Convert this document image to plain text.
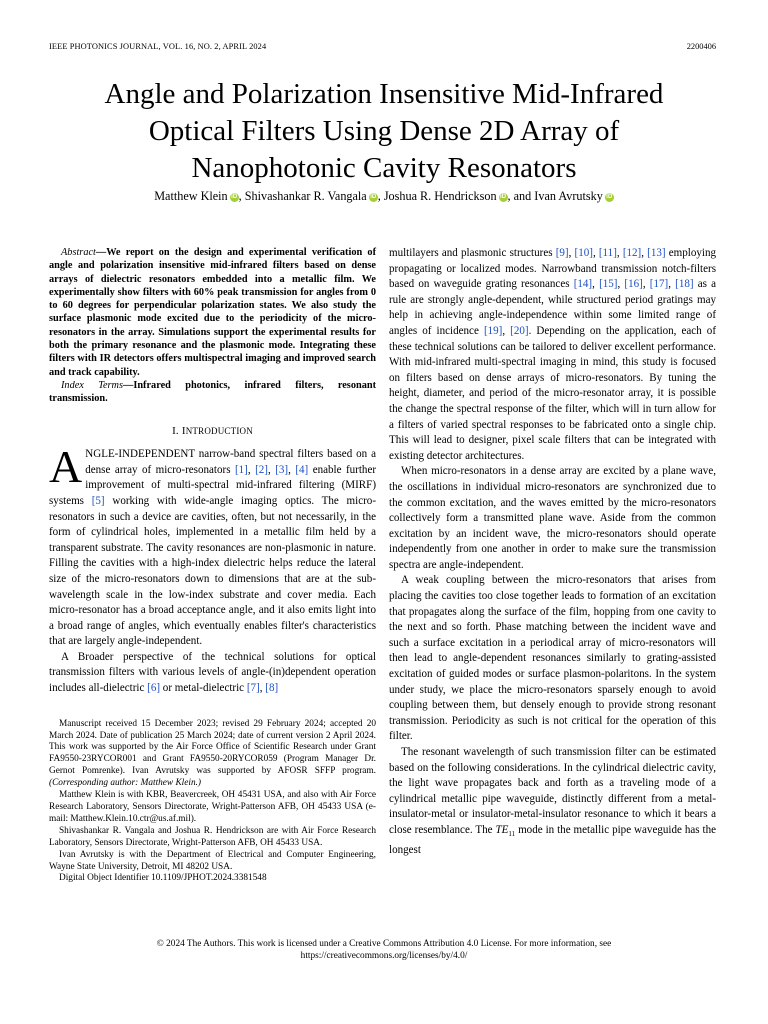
IEEE PHOTONICS JOURNAL, VOL. 16, NO. 2, APRIL 2024	2200406
Angle and Polarization Insensitive Mid-Infrared
Optical Filters Using Dense 2D Array of
Nanophotonic Cavity Resonators
Matthew Klein iD , Shivashankar R. Vangala iD , Joshua R. Hendrickson iD , and Ivan Avrutsky iD

Abstract—We report on the design and experimental verification of angle and polarization insensitive mid-infrared filters based on dense arrays of dielectric resonators embedded into a metallic film. We experimentally show filters with 60% peak transmission for angles from 0 to 60 degrees for perpendicular polarization states. We also study the surface plasmonic mode excited due to the periodicity of the micro-resonators in the array. Simulations support the experimental results for both the primary resonance and the plasmonic mode. Integrating these filters with IR detectors offers multispectral imaging and improved search and track capability.

Index Terms—Infrared photonics, infrared filters, resonant transmission.

I. INTRODUCTION

ANGLE-INDEPENDENT narrow-band spectral filters based on a dense array of micro-resonators [1], [2], [3], [4] enable further improvement of multi-spectral mid-infrared filtering (MIRF) systems [5] working with wide-angle imaging optics. The micro-resonators in such a device are cavities, often, but not necessarily, in the form of cylindrical holes, implemented in a metallic film held by a transparent substrate. The cavity resonances are non-plasmonic in nature. Filling the cavities with a high-index dielectric helps reduce the lateral size of the micro-resonators down to dimensions that are at the sub-wavelength scale in the low-index substrate and cover media. Each micro-resonator has a broad acceptance angle, and it also emits light into a broad range of angles, which eventually enables filter's characteristics that are largely angle-independent.

A Broader perspective of the technical solutions for optical transmission filters with various levels of angle-(in)dependent operation includes all-dielectric [6] or metal-dielectric [7], [8]

Manuscript received 15 December 2023; revised 29 February 2024; accepted 20 March 2024. Date of publication 25 March 2024; date of current version 2 April 2024. This work was supported by the Air Force Office of Scientific Research under Grant FA9550-23RYCOR001 and Grant FA9550-20RYCOR059 (Program Manager Dr. Gernot Pomrenke). Ivan Avrutsky was supported by AFOSR SFFP program. (Corresponding author: Matthew Klein.)

Matthew Klein is with KBR, Beavercreek, OH 45431 USA, and also with Air Force Research Laboratory, Sensors Directorate, Wright-Patterson AFB, OH 45433 USA (e-mail: Matthew.Klein.10.ctr@us.af.mil).

Shivashankar R. Vangala and Joshua R. Hendrickson are with Air Force Research Laboratory, Sensors Directorate, Wright-Patterson AFB, OH 45433 USA.

Ivan Avrutsky is with the Department of Electrical and Computer Engineering, Wayne State University, Detroit, MI 48202 USA.

Digital Object Identifier 10.1109/JPHOT.2024.3381548

multilayers and plasmonic structures [9], [10], [11], [12], [13] employing propagating or localized modes. Narrowband transmission notch-filters based on waveguide grating resonances [14], [15], [16], [17], [18] as a rule are strongly angle-dependent, while structured period gratings may help in achieving angle-independence within some limited range of angles of incidence [19], [20]. Depending on the application, each of these technical solutions can be tailored to deliver excellent performance. With mid-infrared multi-spectral imaging in mind, this study is focused on filters based on dense arrays of micro-resonators. By tuning the height, diameter, and period of the micro-resonator array, it is possible the change the spectral response of the filter, which will in turn allow for a filters of varied spectral responses to be fabricated onto a single chip. This will lead to designer, pixel scale filters that can be integrated with existing detector architectures.

When micro-resonators in a dense array are excited by a plane wave, the oscillations in individual micro-resonators are synchronized due to the common excitation, and the waves emitted by the micro-resonators collectively form a transmitted plane wave. Aside from the common excitation by an incident wave, the micro-resonators should operate independently from one another in order to make sure the transmission spectra are angle-independent.

A weak coupling between the micro-resonators that arises from placing the cavities too close together leads to formation of an excitation that propagates along the surface of the film, hopping from one cavity to the next and so forth. Phase matching between the incident wave and such a surface excitation in a periodical array of micro-resonators will then lead to angle-dependent resonances similarly to grating-assisted excitation of guided modes or surface plasmon-polaritons. In the system under study, we place the micro-resonators sparsely enough to avoid coupling between them, but densely enough to provide strong resonant transmission. Periodicity as such is not critical for the operation of this filter.

The resonant wavelength of such transmission filter can be estimated based on the following considerations. In the cylindrical dielectric cavity, the light wave propagates back and forth as a traveling mode of a cylindrical metallic pipe waveguide, distinctly different from a metal-insulator-metal or insulator-metal-insulator resonance to which it bears a close resemblance. The $TE_{11}$ mode in the metallic pipe waveguide has the longest

© 2024 The Authors. This work is licensed under a Creative Commons Attribution 4.0 License. For more information, see
https://creativecommons.org/licenses/by/4.0/
